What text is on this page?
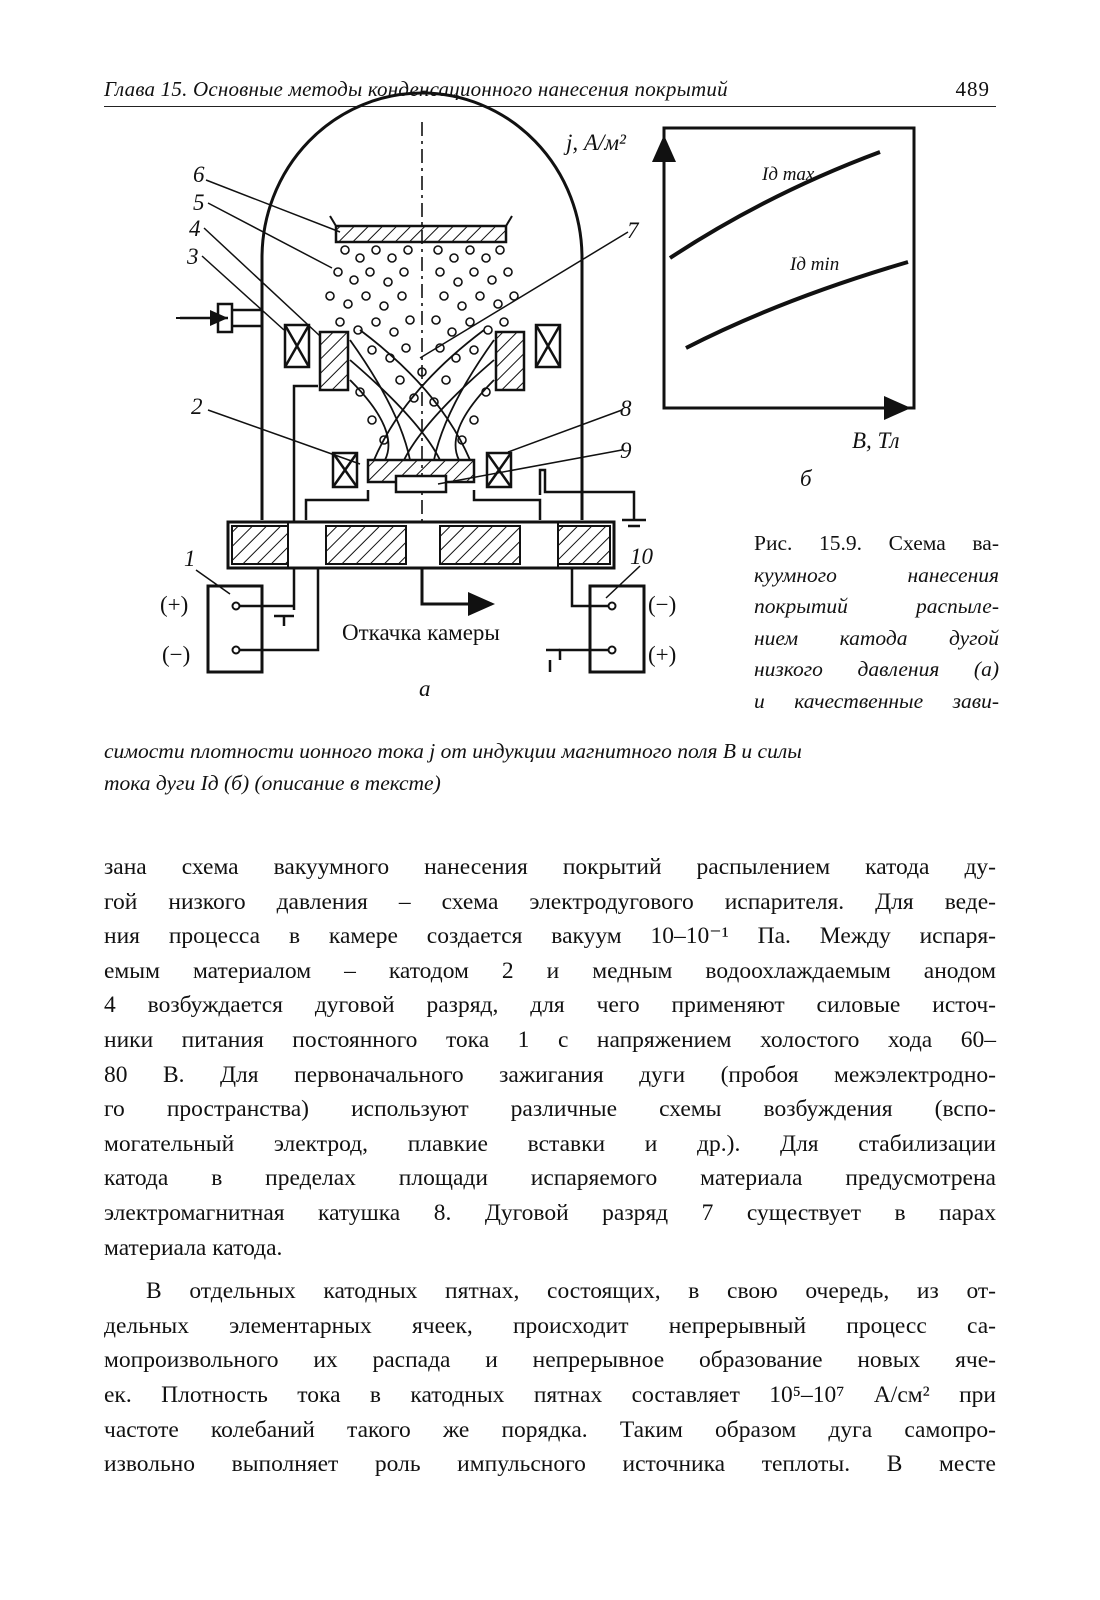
Глава 15. Основные методы конденсационного нанесения покрытий	489
6
5
4
3
2
7
8
9
1	10
(+)
(−)
(−)
(+)
Откачка камеры
а
j, А/м²
B, Тл
Iд max
Iд min
б
Рис. 15.9. Схема ва-
куумного нанесения
покрытий распыле-
нием катода дугой
низкого давления (а)
и качественные зави-
симости плотности ионного тока j от индукции магнитного поля B и силы
тока дуги Iд (б) (описание в тексте)
зана схема вакуумного нанесения покрытий распылением катода ду-
гой низкого давления – схема электродугового испарителя. Для веде-
ния процесса в камере создается вакуум 10–10⁻¹ Па. Между испаря-
емым материалом – катодом 2 и медным водоохлаждаемым анодом
4 возбуждается дуговой разряд, для чего применяют силовые источ-
ники питания постоянного тока 1 с напряжением холостого хода 60–
80 В. Для первоначального зажигания дуги (пробоя межэлектродно-
го пространства) используют различные схемы возбуждения (вспо-
могательный электрод, плавкие вставки и др.). Для стабилизации
катода в пределах площади испаряемого материала предусмотрена
электромагнитная катушка 8. Дуговой разряд 7 существует в парах
материала катода.
В отдельных катодных пятнах, состоящих, в свою очередь, из от-
дельных элементарных ячеек, происходит непрерывный процесс са-
мопроизвольного их распада и непрерывное образование новых яче-
ек. Плотность тока в катодных пятнах составляет 10⁵–10⁷ А/см² при
частоте колебаний такого же порядка. Таким образом дуга самопро-
извольно выполняет роль импульсного источника теплоты. В месте
